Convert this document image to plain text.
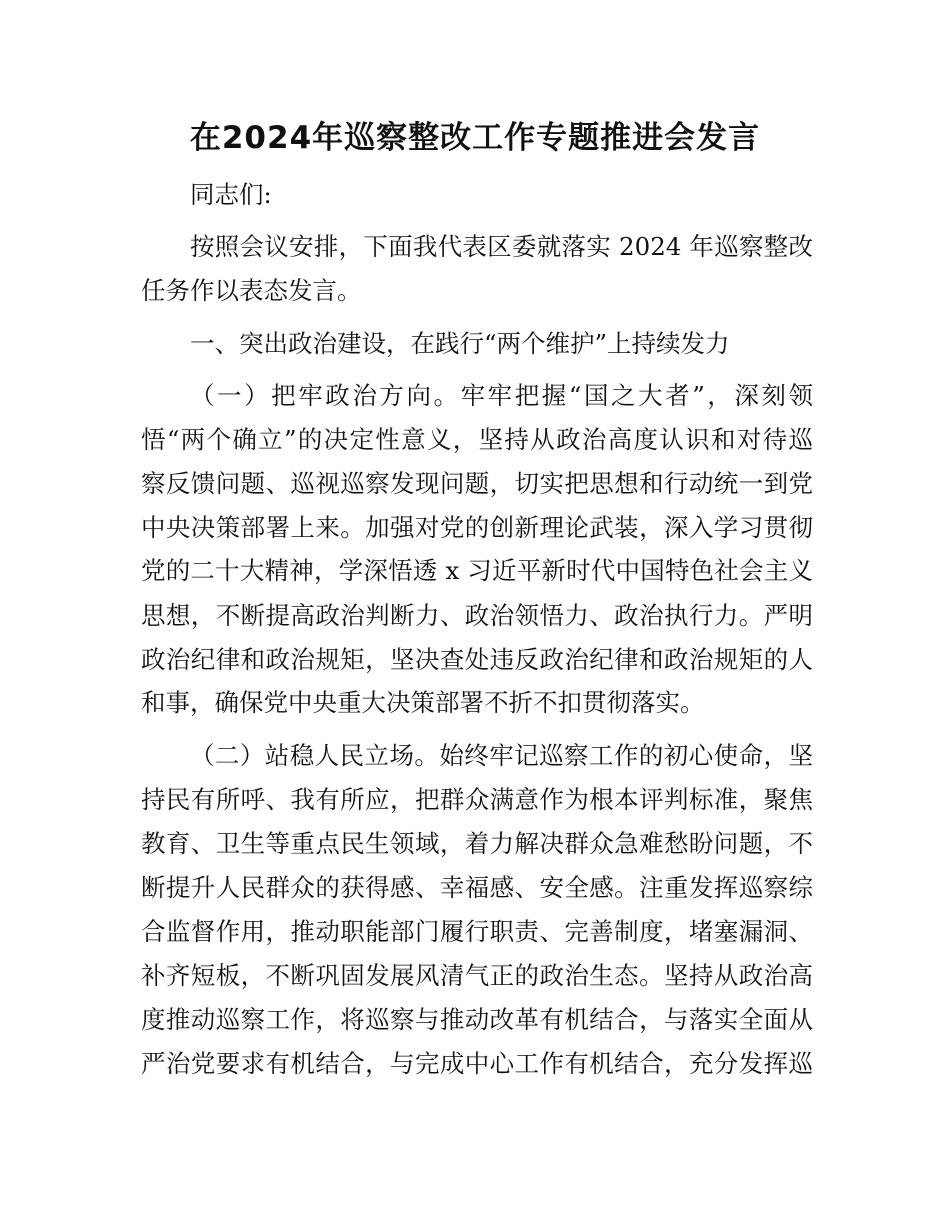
在2024年巡察整改工作专题推进会发言

同志们:

按照会议安排，下面我代表区委就落实 2024 年巡察整改

任务作以表态发言。

一、突出政治建设，在践行“两个维护”上持续发力

（一）把牢政治方向。牢牢把握“国之大者”，深刻领

悟“两个确立”的决定性意义，坚持从政治高度认识和对待巡

察反馈问题、巡视巡察发现问题，切实把思想和行动统一到党

中央决策部署上来。加强对党的创新理论武装，深入学习贯彻

党的二十大精神，学深悟透 x 习近平新时代中国特色社会主义

思想，不断提高政治判断力、政治领悟力、政治执行力。严明

政治纪律和政治规矩，坚决查处违反政治纪律和政治规矩的人

和事，确保党中央重大决策部署不折不扣贯彻落实。

（二）站稳人民立场。始终牢记巡察工作的初心使命，坚

持民有所呼、我有所应，把群众满意作为根本评判标准，聚焦

教育、卫生等重点民生领域，着力解决群众急难愁盼问题，不

断提升人民群众的获得感、幸福感、安全感。注重发挥巡察综

合监督作用，推动职能部门履行职责、完善制度，堵塞漏洞、

补齐短板，不断巩固发展风清气正的政治生态。坚持从政治高

度推动巡察工作，将巡察与推动改革有机结合，与落实全面从

严治党要求有机结合，与完成中心工作有机结合，充分发挥巡
